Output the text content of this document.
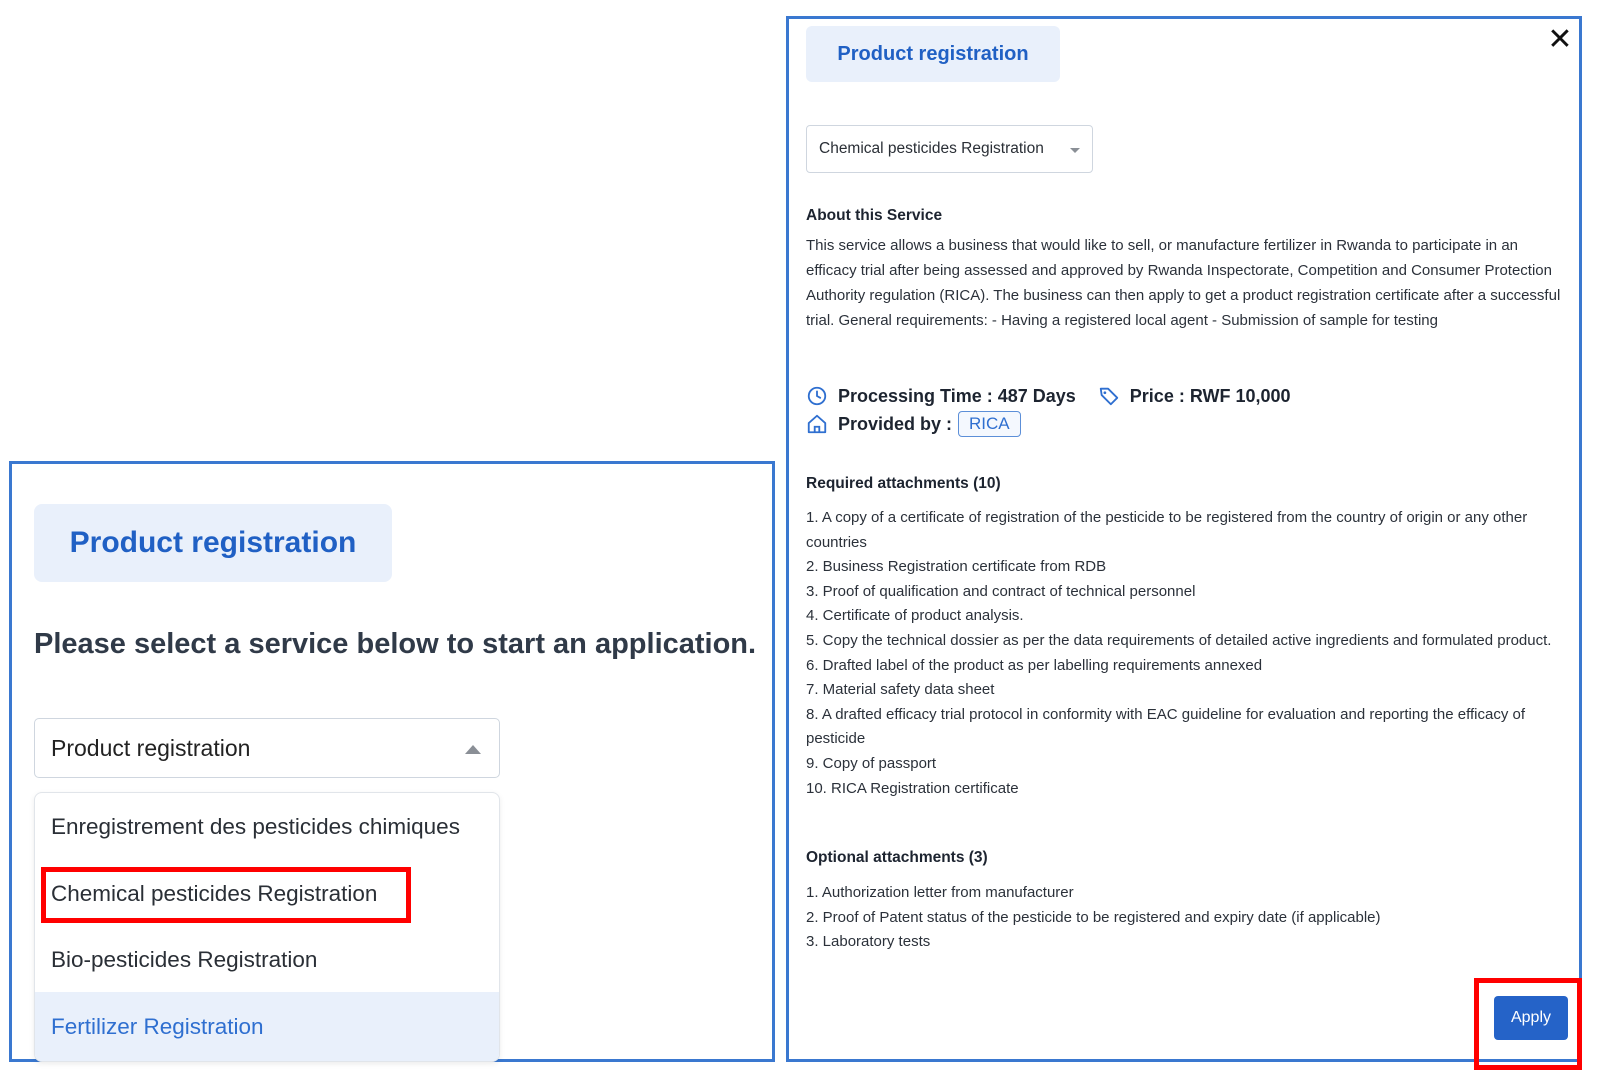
Product registration
Please select a service below to start an application.
Product registration
Enregistrement des pesticides chimiques
Chemical pesticides Registration
Bio-pesticides Registration
Fertilizer Registration
✕
Product registration
Chemical pesticides Registration
About this Service
This service allows a business that would like to sell, or manufacture fertilizer in Rwanda to participate in an efficacy trial after being assessed and approved by Rwanda Inspectorate, Competition and Consumer Protection Authority regulation (RICA). The business can then apply to get a product registration certificate after a successful trial. General requirements: - Having a registered local agent - Submission of sample for testing
Processing Time : 487 Days	Price : RWF 10,000
Provided by :	RICA
Required attachments (10)
1. A copy of a certificate of registration of the pesticide to be registered from the country of origin or any other countries
2. Business Registration certificate from RDB
3. Proof of qualification and contract of technical personnel
4. Certificate of product analysis.
5. Copy the technical dossier as per the data requirements of detailed active ingredients and formulated product.
6. Drafted label of the product as per labelling requirements annexed
7. Material safety data sheet
8. A drafted efficacy trial protocol in conformity with EAC guideline for evaluation and reporting the efficacy of pesticide
9. Copy of passport
10. RICA Registration certificate
Optional attachments (3)
1. Authorization letter from manufacturer
2. Proof of Patent status of the pesticide to be registered and expiry date (if applicable)
3. Laboratory tests
Apply
